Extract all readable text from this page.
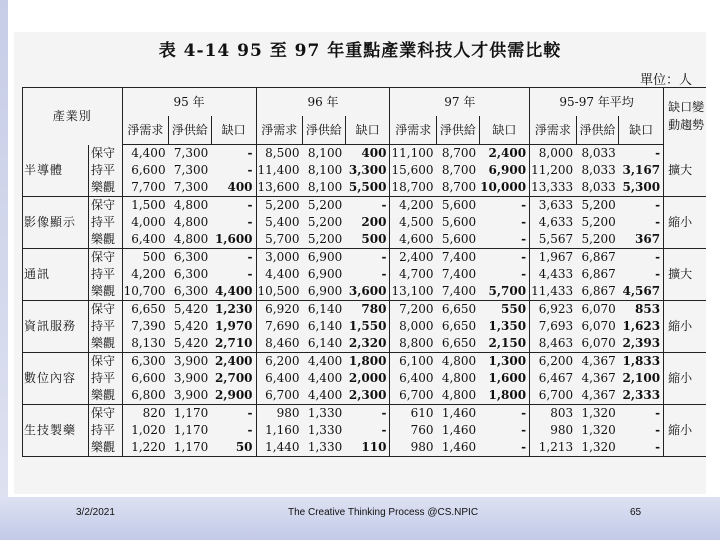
表 4-14 95 至 97 年重點產業科技人才供需比較
單位：人
產業別		95 年			96 年			97 年			95-97 年平均			缺口變動趨勢
		淨需求	淨供給	缺口	淨需求	淨供給	缺口	淨需求	淨供給	缺口	淨需求	淨供給	缺口	
半導體	保守	4,400	7,300	-	8,500	8,100	400	11,100	8,700	2,400	8,000	8,033	-	擴大
	持平	6,600	7,300	-	11,400	8,100	3,300	15,600	8,700	6,900	11,200	8,033	3,167	
	樂觀	7,700	7,300	400	13,600	8,100	5,500	18,700	8,700	10,000	13,333	8,033	5,300	
影像顯示	保守	1,500	4,800	-	5,200	5,200	-	4,200	5,600	-	3,633	5,200	-	縮小
	持平	4,000	4,800	-	5,400	5,200	200	4,500	5,600	-	4,633	5,200	-	
	樂觀	6,400	4,800	1,600	5,700	5,200	500	4,600	5,600	-	5,567	5,200	367	
通訊	保守	500	6,300	-	3,000	6,900	-	2,400	7,400	-	1,967	6,867	-	擴大
	持平	4,200	6,300	-	4,400	6,900	-	4,700	7,400	-	4,433	6,867	-	
	樂觀	10,700	6,300	4,400	10,500	6,900	3,600	13,100	7,400	5,700	11,433	6,867	4,567	
資訊服務	保守	6,650	5,420	1,230	6,920	6,140	780	7,200	6,650	550	6,923	6,070	853	縮小
	持平	7,390	5,420	1,970	7,690	6,140	1,550	8,000	6,650	1,350	7,693	6,070	1,623	
	樂觀	8,130	5,420	2,710	8,460	6,140	2,320	8,800	6,650	2,150	8,463	6,070	2,393	
數位內容	保守	6,300	3,900	2,400	6,200	4,400	1,800	6,100	4,800	1,300	6,200	4,367	1,833	縮小
	持平	6,600	3,900	2,700	6,400	4,400	2,000	6,400	4,800	1,600	6,467	4,367	2,100	
	樂觀	6,800	3,900	2,900	6,700	4,400	2,300	6,700	4,800	1,800	6,700	4,367	2,333	
生技製藥	保守	820	1,170	-	980	1,330	-	610	1,460	-	803	1,320	-	縮小
	持平	1,020	1,170	-	1,160	1,330	-	760	1,460	-	980	1,320	-	
	樂觀	1,220	1,170	50	1,440	1,330	110	980	1,460	-	1,213	1,320	-	
3/2/2021	The Creative Thinking Process @CS.NPIC	65
